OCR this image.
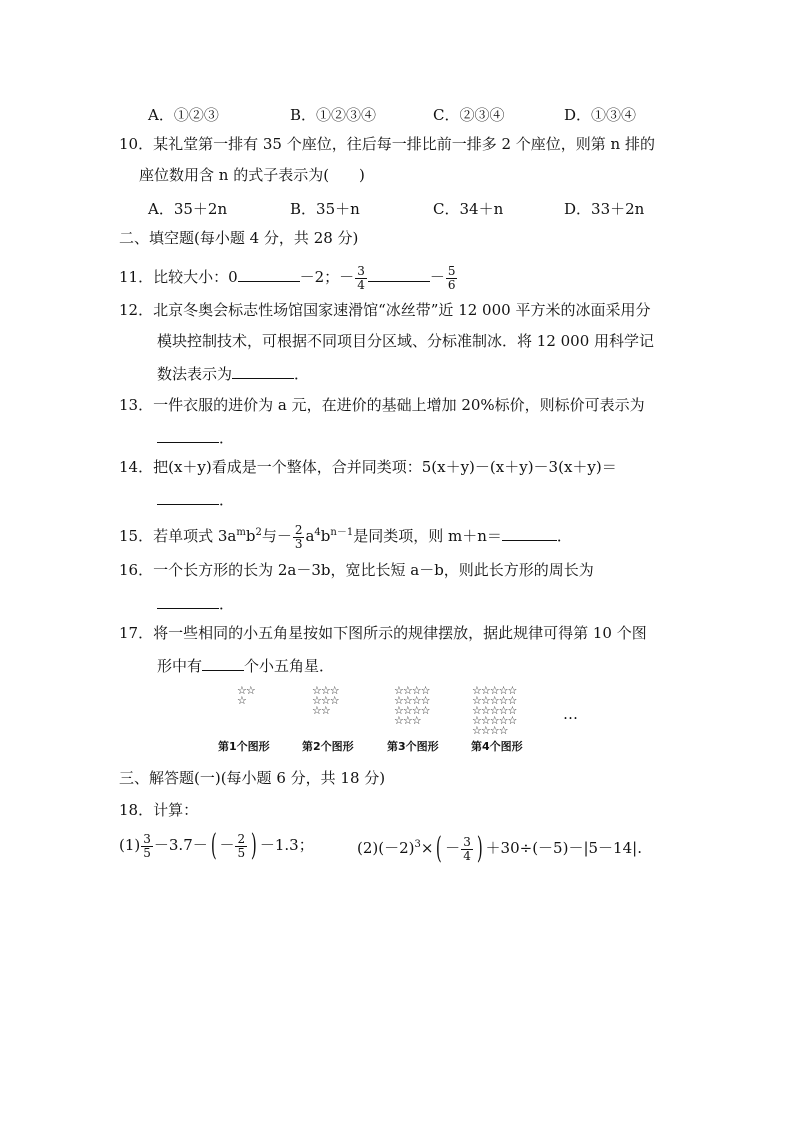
A．①②③	B．①②③④	C．②③④	D．①③④
10．某礼堂第一排有 35 个座位，往后每一排比前一排多 2 个座位，则第 n 排的
座位数用含 n 的式子表示为(　　)
A．35＋2n	B．35＋n	C．34＋n	D．33＋2n
二、填空题(每小题 4 分，共 28 分)
11．比较大小：0	－2；－ $\frac{3}{4}$	－ $\frac{5}{6}$
12．北京冬奥会标志性场馆国家速滑馆“冰丝带”近 12 000 平方米的冰面采用分
模块控制技术，可根据不同项目分区域、分标准制冰．将 12 000 用科学记
数法表示为	．
13．一件衣服的进价为 a 元，在进价的基础上增加 20%标价，则标价可表示为
．
14．把(x＋y)看成是一个整体，合并同类项：5(x＋y)－(x＋y)－3(x＋y)＝
．
15．若单项式 $3a^mb^2$与－ $\frac{2}{3} a^4b^{n-1}$是同类项，则 m＋n＝	．
16．一个长方形的长为 2a－3b，宽比长短 a－b，则此长方形的周长为
．
17．将一些相同的小五角星按如下图所示的规律摆放，据此规律可得第 10 个图
形中有	个小五角星．
☆☆
☆
☆☆☆
☆☆☆
☆☆
☆☆☆☆
☆☆☆☆
☆☆☆☆
☆☆☆
☆☆☆☆☆
☆☆☆☆☆
☆☆☆☆☆
☆☆☆☆☆
☆☆☆☆
…
第1个图形	第2个图形	第3个图形	第4个图形
三、解答题(一)(每小题 6 分，共 18 分)
18．计算：
$(1) \frac{3}{5} -3.7-( - \frac{2}{5}$ ) －1.3；	$(2)(-2)^3\times( - \frac{3}{4}$ ) ＋30÷(－5)－|5－14|.
